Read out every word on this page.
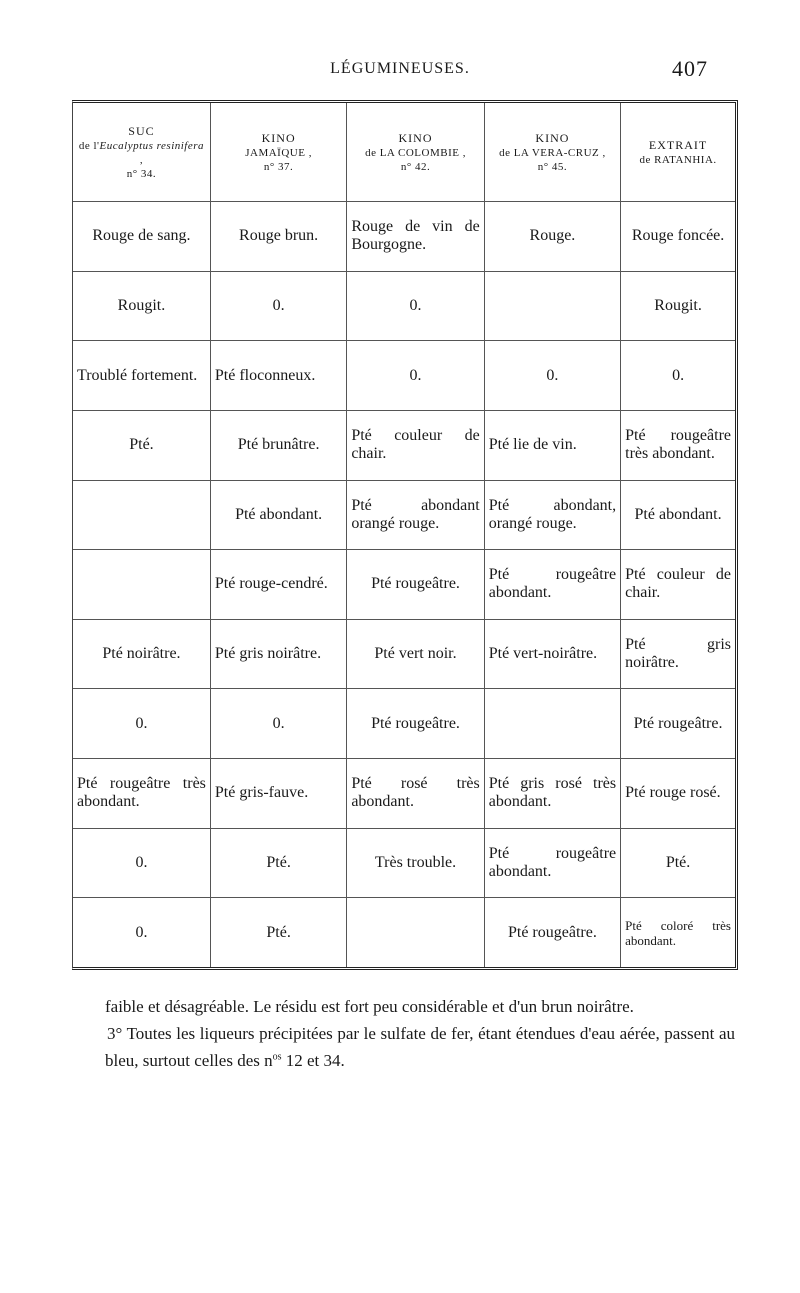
LÉGUMINEUSES.	407
SUC
de l'Eucalyptus resinifera ,
n° 34.	KINO
JAMAÏQUE ,
n° 37.	KINO
de LA COLOMBIE ,
n° 42.	KINO
de LA VERA-CRUZ ,
n° 45.	EXTRAIT
de RATANHIA.
Rouge de sang.	Rouge brun.	Rouge de vin de Bourgogne.	Rouge.	Rouge foncée.
Rougit.	0.	0.		Rougit.
Troublé fortement.	Pté floconneux.	0.	0.	0.
Pté.	Pté brunâtre.	Pté couleur de chair.	Pté lie de vin.	Pté rougeâtre très abondant.
	Pté abondant.	Pté abondant orangé rouge.	Pté abondant, orangé rouge.	Pté abondant.
	Pté rouge-cendré.	Pté rougeâtre.	Pté rougeâtre abondant.	Pté couleur de chair.
Pté noirâtre.	Pté gris noirâtre.	Pté vert noir.	Pté vert-noirâtre.	Pté gris noirâtre.
0.	0.	Pté rougeâtre.		Pté rougeâtre.
Pté rougeâtre très abondant.	Pté gris-fauve.	Pté rosé très abondant.	Pté gris rosé très abondant.	Pté rouge rosé.
0.	Pté.	Très trouble.	Pté rougeâtre abondant.	Pté.
0.	Pté.		Pté rougeâtre.	Pté coloré très abondant.

faible et désagréable. Le résidu est fort peu considérable et d'un brun noirâtre.

3° Toutes les liqueurs précipitées par le sulfate de fer, étant étendues d'eau aérée, passent au bleu, surtout celles des $n^{os}$ 12 et 34.
